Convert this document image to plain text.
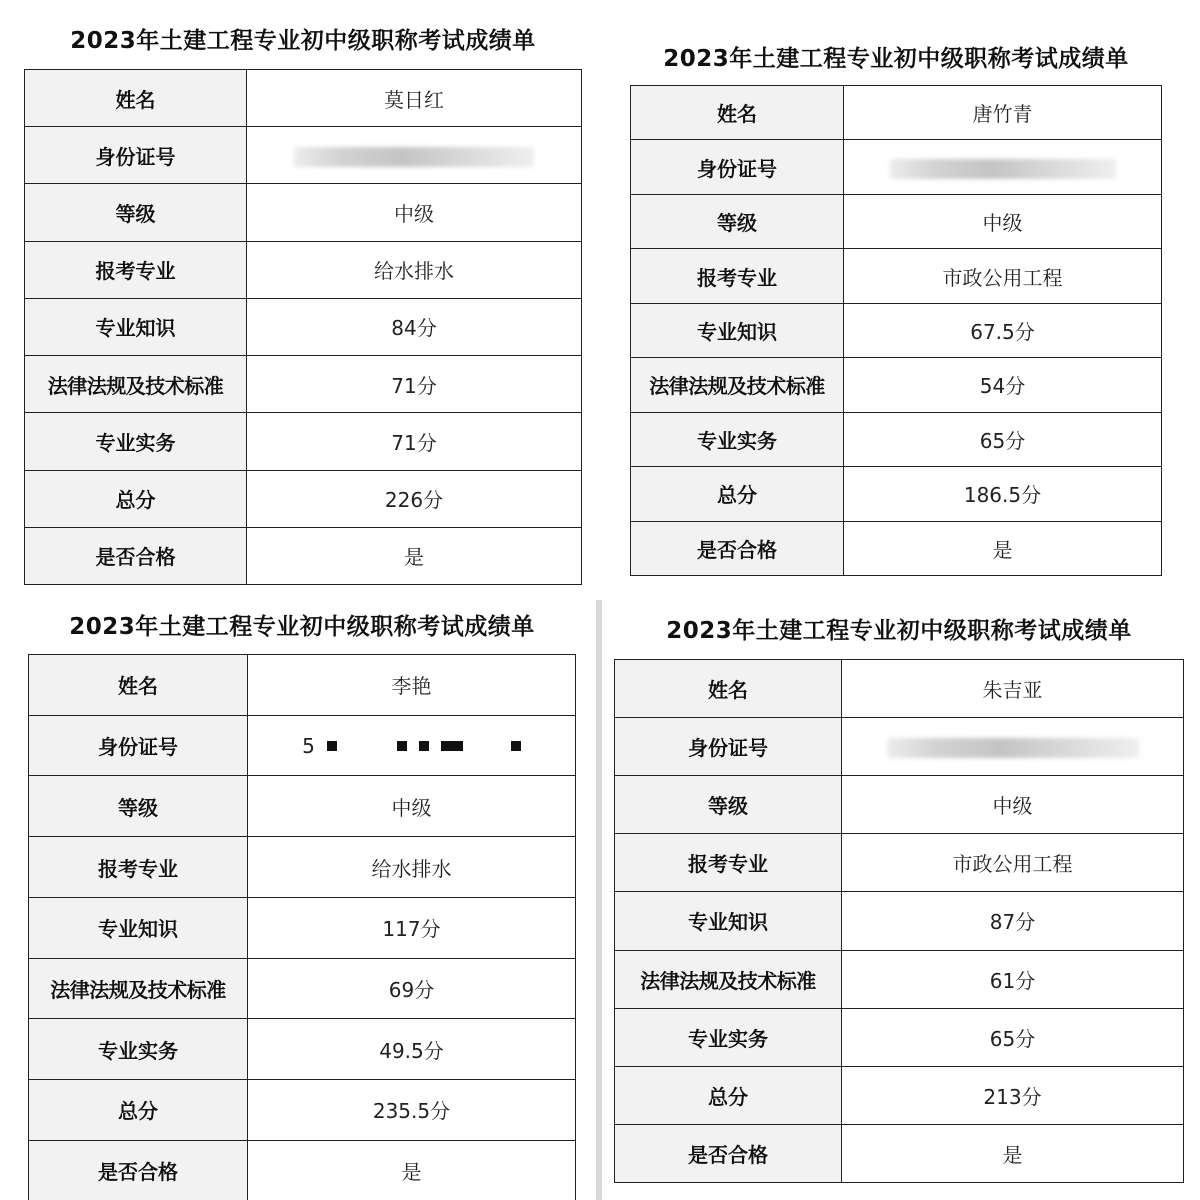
2023年土建工程专业初中级职称考试成绩单
姓名	莫日红
身份证号	
等级	中级
报考专业	给水排水
专业知识	84分
法律法规及技术标准	71分
专业实务	71分
总分	226分
是否合格	是
2023年土建工程专业初中级职称考试成绩单
姓名	唐竹青
身份证号	
等级	中级
报考专业	市政公用工程
专业知识	67.5分
法律法规及技术标准	54分
专业实务	65分
总分	186.5分
是否合格	是
2023年土建工程专业初中级职称考试成绩单
姓名	李艳
身份证号	5

等级	中级
报考专业	给水排水
专业知识	117分
法律法规及技术标准	69分
专业实务	49.5分
总分	235.5分
是否合格	是
2023年土建工程专业初中级职称考试成绩单
姓名	朱吉亚
身份证号	
等级	中级
报考专业	市政公用工程
专业知识	87分
法律法规及技术标准	61分
专业实务	65分
总分	213分
是否合格	是
